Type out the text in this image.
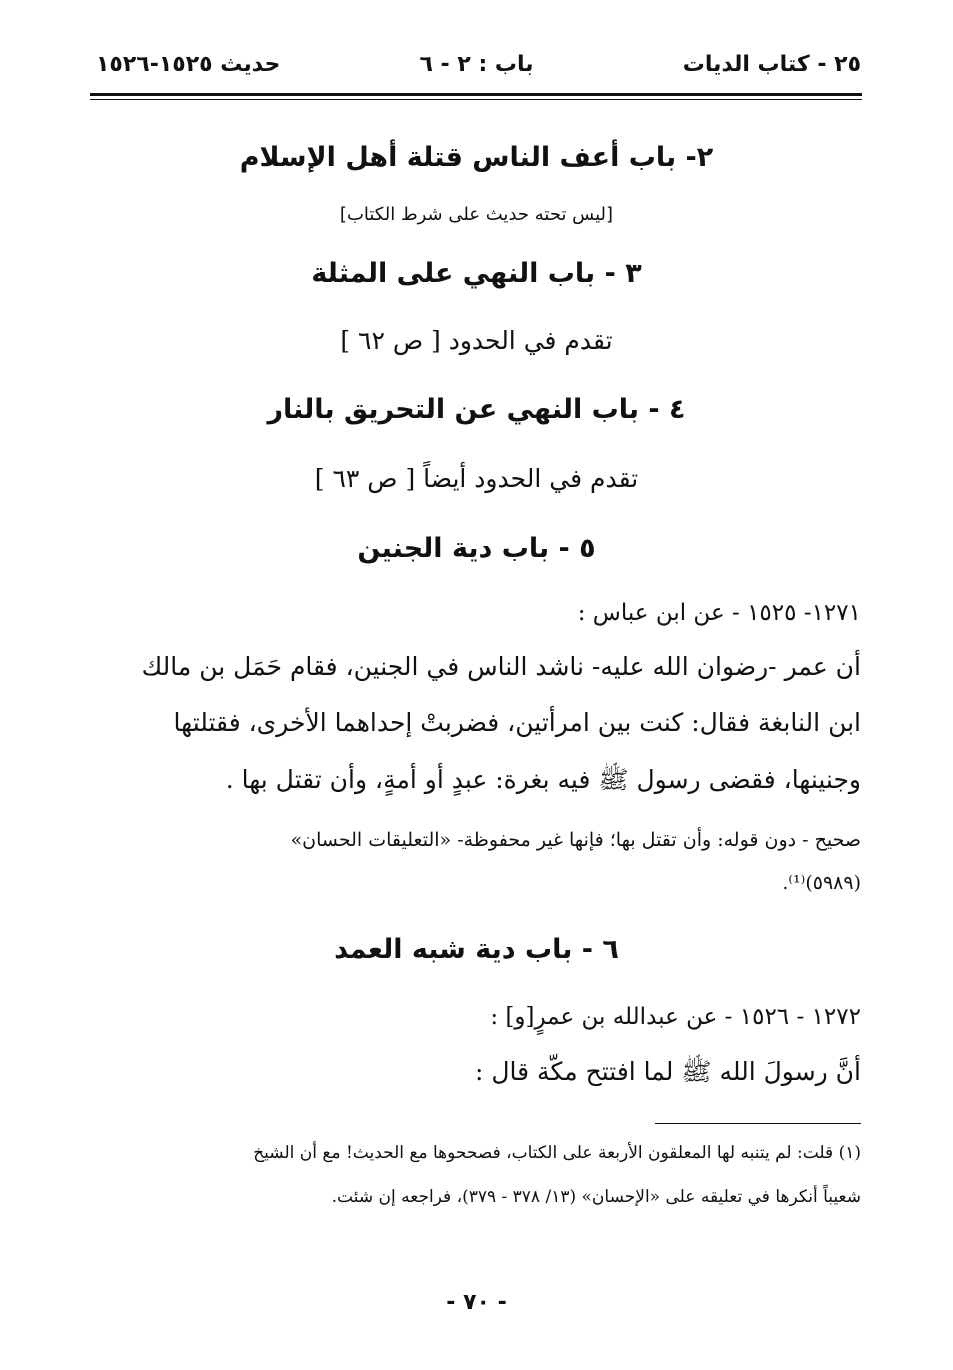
٢٥ - كتاب الديات
باب : ٢ - ٦
حديث ١٥٢٥-١٥٢٦
٢- باب أعف الناس قتلة أهل الإسلام
[ليس تحته حديث على شرط الكتاب]
٣ - باب النهي على المثلة
تقدم في الحدود [ ص ٦٢ ]
٤ - باب النهي عن التحريق بالنار
تقدم في الحدود أيضاً [ ص ٦٣ ]
٥ - باب دية الجنين
١٢٧١- ١٥٢٥ - عن ابن عباس :
أن عمر -رضوان الله عليه- ناشد الناس في الجنين، فقام حَمَل بن مالك
ابن النابغة فقال: كنت بين امرأتين، فضربتْ إحداهما الأخرى، فقتلتها
وجنينها، فقضى رسول ﷺ فيه بغرة: عبدٍ أو أمةٍ، وأن تقتل بها .
صحيح - دون قوله: وأن تقتل بها؛ فإنها غير محفوظة- «التعليقات الحسان»
(٥٩٨٩)⁽¹⁾.
٦ - باب دية شبه العمد
١٢٧٢ - ١٥٢٦ - عن عبدالله بن عمرٍ[و] :
أنَّ رسولَ الله ﷺ لما افتتح مكّة قال :
(١) قلت: لم يتنبه لها المعلقون الأربعة على الكتاب، فصححوها مع الحديث! مع أن الشيخ
شعيباً أنكرها في تعليقه على «الإحسان» (١٣/ ٣٧٨ - ٣٧٩)، فراجعه إن شئت.
- ٧٠ -
